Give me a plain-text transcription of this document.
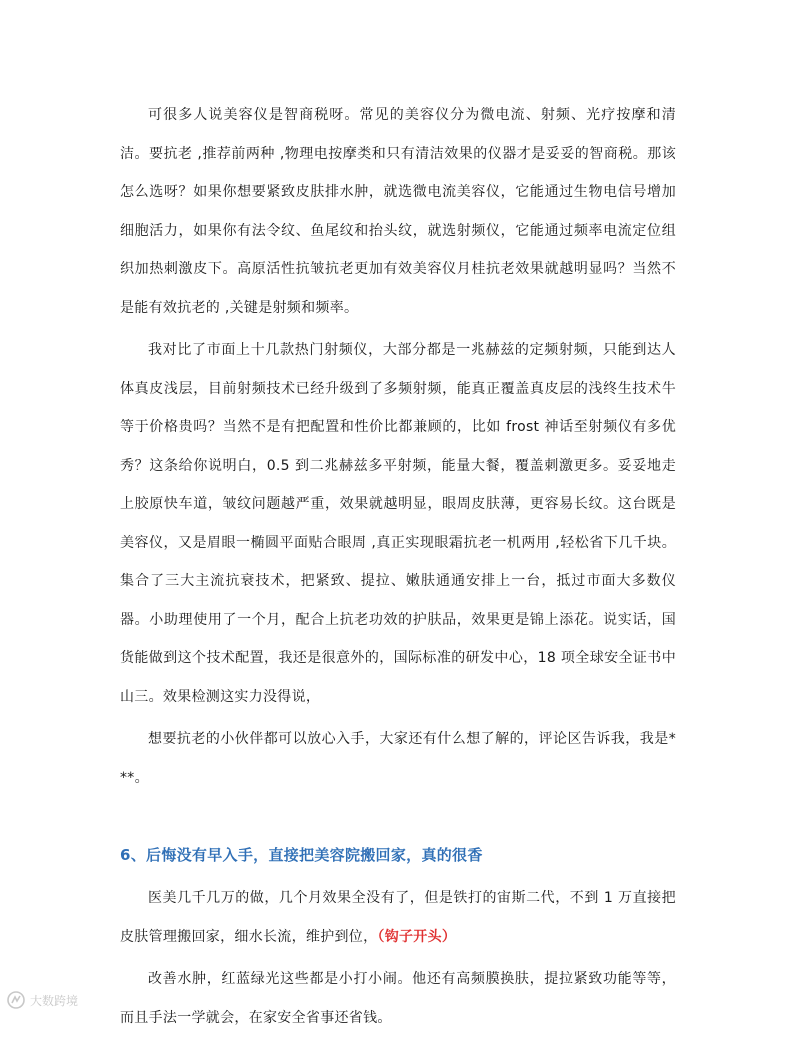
可很多人说美容仪是智商税呀。常见的美容仪分为微电流、射频、光疗按摩和清洁。要抗老 ,推荐前两种 ,物理电按摩类和只有清洁效果的仪器才是妥妥的智商税。那该怎么选呀？如果你想要紧致皮肤排水肿，就选微电流美容仪，它能通过生物电信号增加细胞活力，如果你有法令纹、鱼尾纹和抬头纹，就选射频仪，它能通过频率电流定位组织加热刺激皮下。高原活性抗皱抗老更加有效美容仪月桂抗老效果就越明显吗？当然不是能有效抗老的 ,关键是射频和频率。

我对比了市面上十几款热门射频仪，大部分都是一兆赫兹的定频射频，只能到达人体真皮浅层，目前射频技术已经升级到了多频射频，能真正覆盖真皮层的浅终生技术牛等于价格贵吗？当然不是有把配置和性价比都兼顾的，比如 frost 神话至射频仪有多优秀？这条给你说明白，0.5 到二兆赫兹多平射频，能量大餐，覆盖刺激更多。妥妥地走上胶原快车道，皱纹问题越严重，效果就越明显，眼周皮肤薄，更容易长纹。这台既是美容仪，又是眉眼一椭圆平面贴合眼周 ,真正实现眼霜抗老一机两用 ,轻松省下几千块。集合了三大主流抗衰技术，把紧致、提拉、嫩肤通通安排上一台，抵过市面大多数仪器。小助理使用了一个月，配合上抗老功效的护肤品，效果更是锦上添花。说实话，国货能做到这个技术配置，我还是很意外的，国际标准的研发中心，18 项全球安全证书中山三。效果检测这实力没得说，

想要抗老的小伙伴都可以放心入手，大家还有什么想了解的，评论区告诉我，我是***。

6、后悔没有早入手，直接把美容院搬回家，真的很香

医美几千几万的做，几个月效果全没有了，但是铁打的宙斯二代，不到 1 万直接把皮肤管理搬回家，细水长流，维护到位，（钩子开头）

改善水肿，红蓝绿光这些都是小打小闹。他还有高频膜换肤，提拉紧致功能等等，而且手法一学就会，在家安全省事还省钱。

大数跨境
